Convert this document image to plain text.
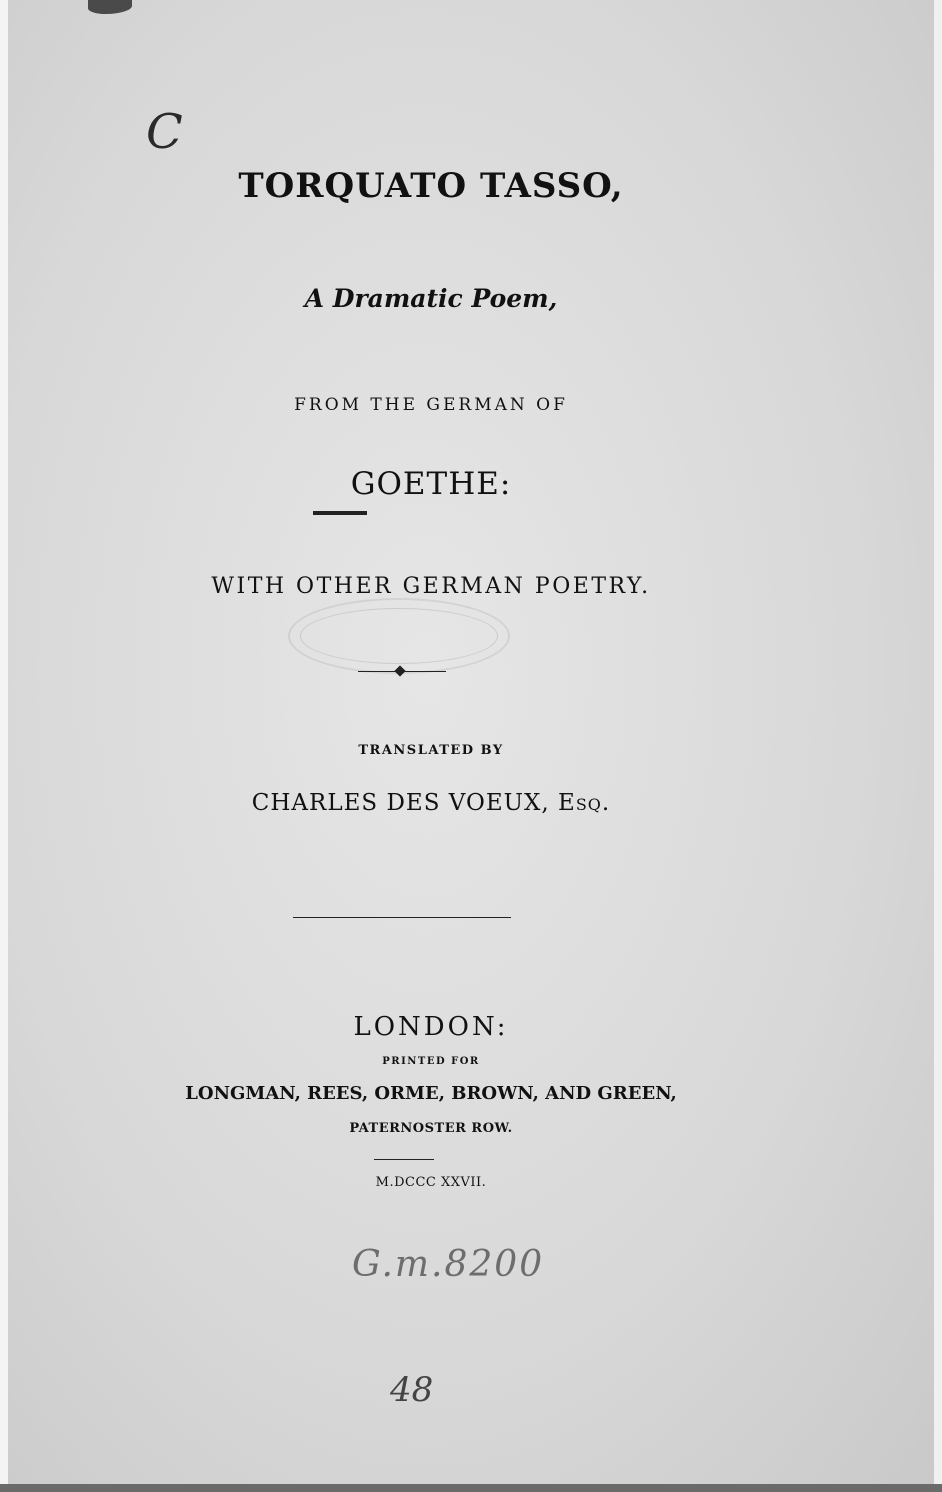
C
TORQUATO TASSO,
A Dramatic Poem,
FROM THE GERMAN OF
GOETHE:
WITH OTHER GERMAN POETRY.
TRANSLATED BY
CHARLES DES VOEUX, Esq.
LONDON:
PRINTED FOR
LONGMAN, REES, ORME, BROWN, AND GREEN,
PATERNOSTER ROW.
M.DCCC XXVII.
G.m.8200
48
